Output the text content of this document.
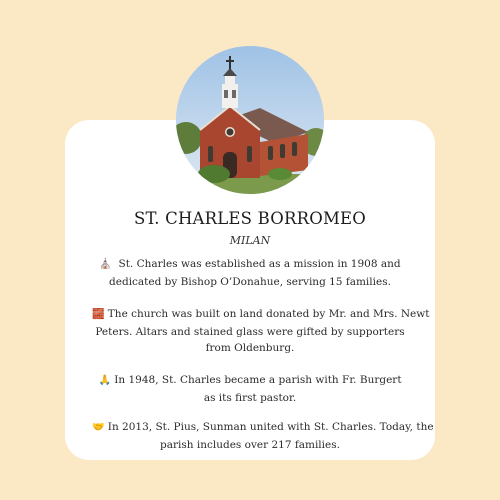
ST. CHARLES BORROMEO
MILAN
⛪ St. Charles was established as a mission in 1908 and
dedicated by Bishop O’Donahue, serving 15 families.
🧱 The church was built on land donated by Mr. and Mrs. Newt
Peters. Altars and stained glass were gifted by supporters
from Oldenburg.
🙏 In 1948, St. Charles became a parish with Fr. Burgert
as its first pastor.
🤝 In 2013, St. Pius, Sunman united with St. Charles. Today, the
parish includes over 217 families.
